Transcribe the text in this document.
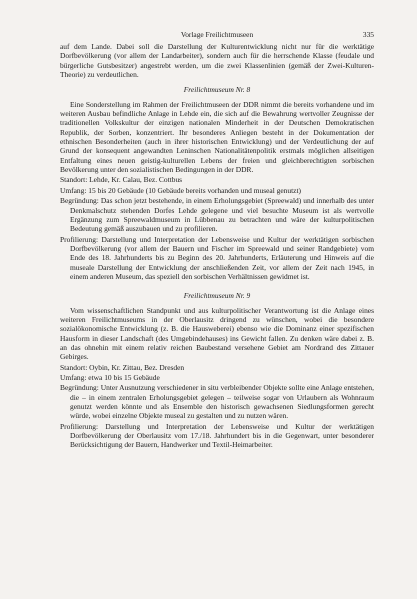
Vorlage Freilichtmuseen	335

auf dem Lande. Dabei soll die Darstellung der Kulturentwicklung nicht nur für die werktätige Dorfbevölkerung (vor allem der Landarbeiter), sondern auch für die herrschende Klasse (feudale und bürgerliche Gutsbesitzer) angestrebt werden, um die zwei Klassenlinien (gemäß der Zwei-Kulturen-Theorie) zu verdeutlichen.

Freilichtmuseum Nr. 8

Eine Sonderstellung im Rahmen der Freilichtmuseen der DDR nimmt die bereits vorhandene und im weiteren Ausbau befindliche Anlage in Lehde ein, die sich auf die Bewahrung wertvoller Zeugnisse der traditionellen Volkskultur der einzigen nationalen Minderheit in der Deutschen Demokratischen Republik, der Sorben, konzentriert. Ihr besonderes Anliegen besteht in der Dokumentation der ethnischen Besonderheiten (auch in ihrer historischen Entwicklung) und der Verdeutlichung der auf Grund der konsequent angewandten Leninschen Nationalitätenpolitik erstmals möglichen allseitigen Entfaltung eines neuen geistig-kulturellen Lebens der freien und gleichberechtigten sorbischen Bevölkerung unter den sozialistischen Bedingungen in der DDR.

Standort: Lehde, Kr. Calau, Bez. Cottbus

Umfang: 15 bis 20 Gebäude (10 Gebäude bereits vorhanden und museal genutzt)

Begründung: Das schon jetzt bestehende, in einem Erholungsgebiet (Spreewald) und innerhalb des unter Denkmalschutz stehenden Dorfes Lehde gelegene und viel besuchte Museum ist als wertvolle Ergänzung zum Spreewaldmuseum in Lübbenau zu betrachten und wäre der kulturpolitischen Bedeutung gemäß auszubauen und zu profilieren.

Profilierung: Darstellung und Interpretation der Lebensweise und Kultur der werktätigen sorbischen Dorfbevölkerung (vor allem der Bauern und Fischer im Spreewald und seiner Randgebiete) vom Ende des 18. Jahrhunderts bis zu Beginn des 20. Jahrhunderts, Erläuterung und Hinweis auf die museale Darstellung der Entwicklung der anschließenden Zeit, vor allem der Zeit nach 1945, in einem anderen Museum, das speziell den sorbischen Verhältnissen gewidmet ist.

Freilichtmuseum Nr. 9

Vom wissenschaftlichen Standpunkt und aus kulturpolitischer Verantwortung ist die Anlage eines weiteren Freilichtmuseums in der Oberlausitz dringend zu wünschen, wobei die besondere sozialökonomische Entwicklung (z. B. die Hausweberei) ebenso wie die Dominanz einer spezifischen Hausform in dieser Landschaft (des Umgebindehauses) ins Gewicht fallen. Zu denken wäre dabei z. B. an das ohnehin mit einem relativ reichen Baubestand versehene Gebiet am Nordrand des Zittauer Gebirges.

Standort: Oybin, Kr. Zittau, Bez. Dresden

Umfang: etwa 10 bis 15 Gebäude

Begründung: Unter Ausnutzung verschiedener in situ verbleibender Objekte sollte eine Anlage entstehen, die – in einem zentralen Erholungsgebiet gelegen – teilweise sogar von Urlaubern als Wohnraum genutzt werden könnte und als Ensemble den historisch gewachsenen Siedlungsformen gerecht würde, wobei einzelne Objekte museal zu gestalten und zu nutzen wären.

Profilierung: Darstellung und Interpretation der Lebensweise und Kultur der werktätigen Dorfbevölkerung der Oberlausitz vom 17./18. Jahrhundert bis in die Gegenwart, unter besonderer Berücksichtigung der Bauern, Handwerker und Textil-Heimarbeiter.
